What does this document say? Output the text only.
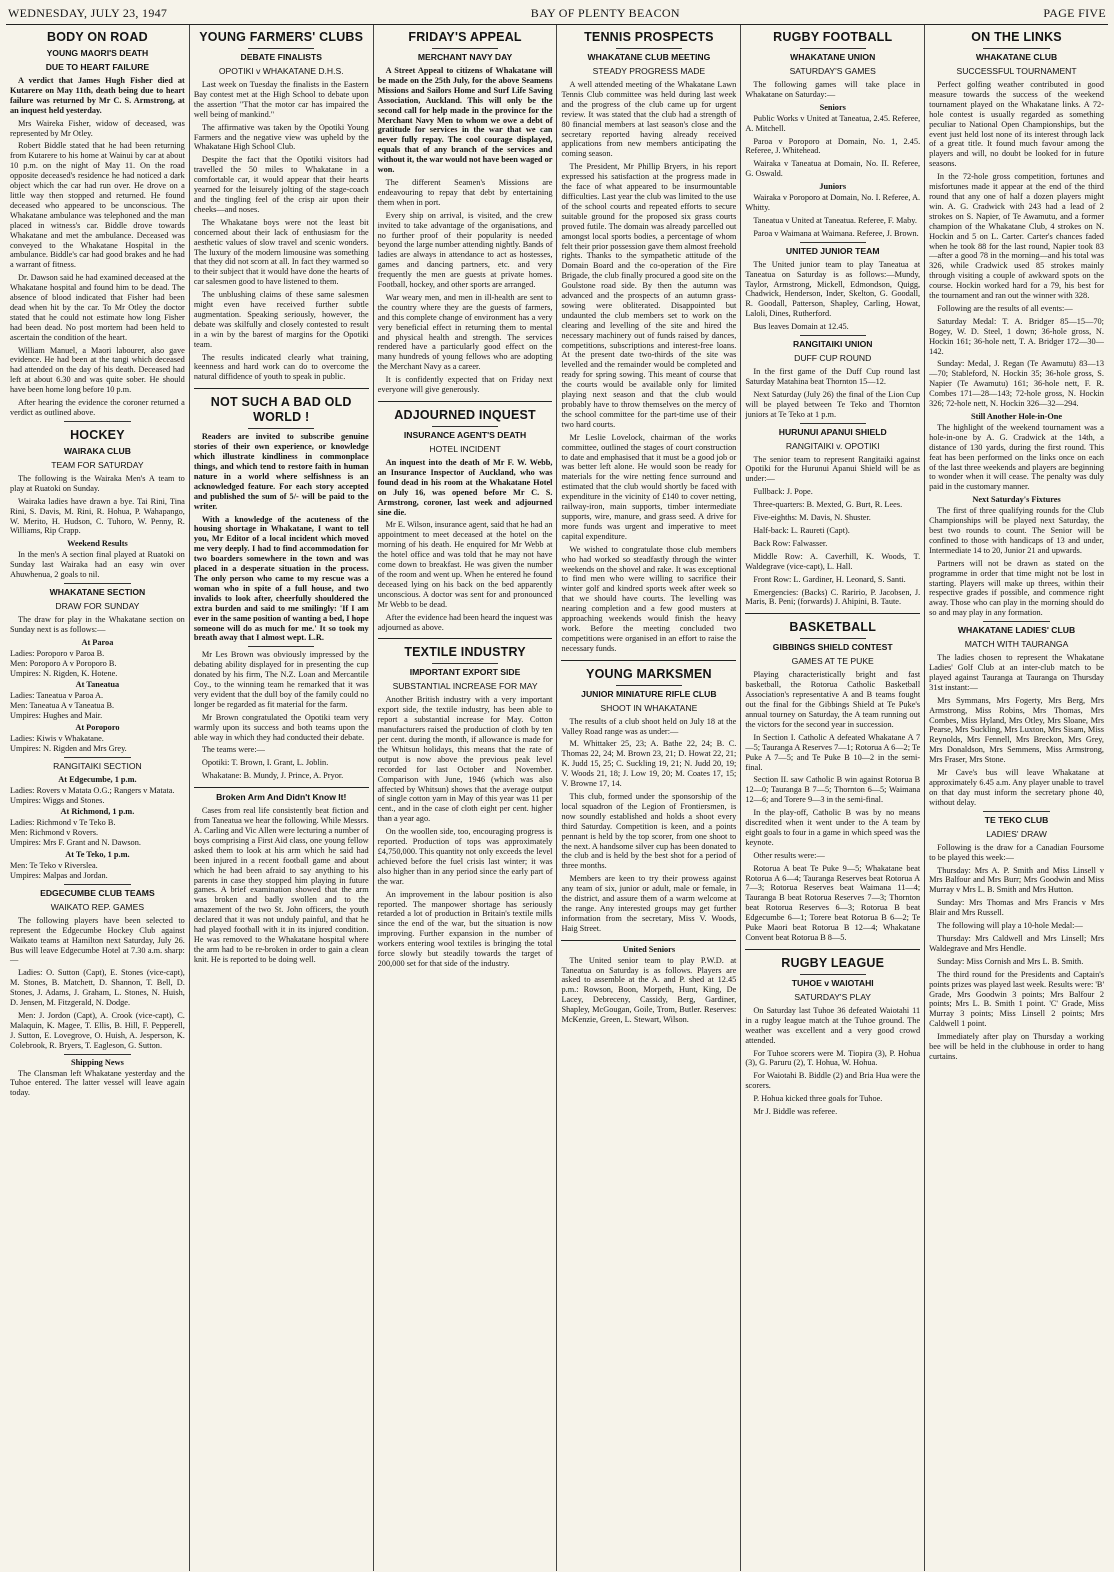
WEDNESDAY, JULY 23, 1947	BAY OF PLENTY BEACON	PAGE FIVE
BODY ON ROAD
YOUNG MAORI'S DEATH
DUE TO HEART FAILURE

A verdict that James Hugh Fisher died at Kutarere on May 11th, death being due to heart failure was returned by Mr C. S. Armstrong, at an inquest held yesterday.

Mrs Waireka Fisher, widow of deceased, was represented by Mr Otley.

Robert Biddle stated that he had been returning from Kutarere to his home at Wainui by car at about 10 p.m. on the night of May 11. On the road opposite deceased's residence he had noticed a dark object which the car had run over. He drove on a little way then stopped and returned. He found deceased who appeared to be unconscious. The Whakatane ambulance was telephoned and the man placed in witness's car. Biddle drove towards Whakatane and met the ambulance. Deceased was conveyed to the Whakatane Hospital in the ambulance. Biddle's car had good brakes and he had a warrant of fitness.

Dr. Dawson said he had examined deceased at the Whakatane hospital and found him to be dead. The absence of blood indicated that Fisher had been dead when hit by the car. To Mr Otley the doctor stated that he could not estimate how long Fisher had been dead. No post mortem had been held to ascertain the condition of the heart.

William Manuel, a Maori labourer, also gave evidence. He had been at the tangi which deceased had attended on the day of his death. Deceased had left at about 6.30 and was quite sober. He should have been home long before 10 p.m.

After hearing the evidence the coroner returned a verdict as outlined above.

HOCKEY
WAIRAKA CLUB
TEAM FOR SATURDAY

The following is the Wairaka Men's A team to play at Ruatoki on Sunday.

Wairaka ladies have drawn a bye. Tai Rini, Tina Rini, S. Davis, M. Rini, R. Hohua, P. Wahapango, W. Merito, H. Hudson, C. Tuhoro, W. Penny, R. Williams, Rip Crapp.

Weekend Results

In the men's A section final played at Ruatoki on Sunday last Wairaka had an easy win over Ahuwhenua, 2 goals to nil.

WHAKATANE SECTION
DRAW FOR SUNDAY

The draw for play in the Whakatane section on Sunday next is as follows:—

At Paroa

Ladies: Poroporo v Paroa B.

Men: Poroporo A v Poroporo B.

Umpires: N. Rigden, K. Hotene.

At Taneatua

Ladies: Taneatua v Paroa A.

Men: Taneatua A v Taneatua B.

Umpires: Hughes and Mair.

At Poroporo

Ladies: Kiwis v Whakatane.

Umpires: N. Rigden and Mrs Grey.

RANGITAIKI SECTION
At Edgecumbe, 1 p.m.

Ladies: Rovers v Matata O.G.; Rangers v Matata.

Umpires: Wiggs and Stones.

At Richmond, 1 p.m.

Ladies: Richmond v Te Teko B.

Men: Richmond v Rovers.

Umpires: Mrs F. Grant and N. Dawson.

At Te Teko, 1 p.m.

Men: Te Teko v Riverslea.

Umpires: Malpas and Jordan.

EDGECUMBE CLUB TEAMS
WAIKATO REP. GAMES

The following players have been selected to represent the Edgecumbe Hockey Club against Waikato teams at Hamilton next Saturday, July 26. Bus will leave Edgecumbe Hotel at 7.30 a.m. sharp:—

Ladies: O. Sutton (Capt), E. Stones (vice-capt), M. Stones, B. Matchett, D. Shannon, T. Bell, D. Stones, J. Adams, J. Graham, L. Stones, N. Huish, D. Jensen, M. Fitzgerald, N. Dodge.

Men: J. Jordon (Capt), A. Crook (vice-capt), C. Malaquin, K. Magee, T. Ellis, B. Hill, F. Pepperell, J. Sutton, E. Lovegrove, O. Huish, A. Jesperson, K. Colebrook, R. Bryers, T. Eagleson, G. Sutton.

Shipping News

The Clansman left Whakatane yesterday and the Tuhoe entered. The latter vessel will leave again today.

YOUNG FARMERS' CLUBS
DEBATE FINALISTS
OPOTIKI v WHAKATANE D.H.S.

Last week on Tuesday the finalists in the Eastern Bay contest met at the High School to debate upon the assertion "That the motor car has impaired the well being of mankind."

The affirmative was taken by the Opotiki Young Farmers and the negative view was upheld by the Whakatane High School Club.

Despite the fact that the Opotiki visitors had travelled the 50 miles to Whakatane in a comfortable car, it would appear that their hearts yearned for the leisurely jolting of the stage-coach and the tingling feel of the crisp air upon their cheeks—and noses.

The Whakatane boys were not the least bit concerned about their lack of enthusiasm for the aesthetic values of slow travel and scenic wonders. The luxury of the modern limousine was something that they did not scorn at all. In fact they warmed so to their subject that it would have done the hearts of car salesmen good to have listened to them.

The unblushing claims of these same salesmen might even have received further subtle augmentation. Speaking seriously, however, the debate was skilfully and closely contested to result in a win by the barest of margins for the Opotiki team.

The results indicated clearly what training, keenness and hard work can do to overcome the natural diffidence of youth to speak in public.

NOT SUCH A BAD OLD WORLD !

Readers are invited to subscribe genuine stories of their own experience, or knowledge which illustrate kindliness in commonplace things, and which tend to restore faith in human nature in a world where selfishness is an acknowledged feature. For each story accepted and published the sum of 5/- will be paid to the writer.

With a knowledge of the acuteness of the housing shortage in Whakatane, I want to tell you, Mr Editor of a local incident which moved me very deeply. I had to find accommodation for two boarders somewhere in the town and was placed in a desperate situation in the process. The only person who came to my rescue was a woman who in spite of a full house, and two invalids to look after, cheerfully shouldered the extra burden and said to me smilingly: 'If I am ever in the same position of wanting a bed, I hope someone will do as much for me.' It so took my breath away that I almost wept. L.R.

Mr Les Brown was obviously impressed by the debating ability displayed for in presenting the cup donated by his firm, The N.Z. Loan and Mercantile Coy., to the winning team he remarked that it was very evident that the dull boy of the family could no longer be regarded as fit material for the farm.

Mr Brown congratulated the Opotiki team very warmly upon its success and both teams upon the able way in which they had conducted their debate.

The teams were:—

Opotiki: T. Brown, I. Grant, L. Joblin.

Whakatane: B. Mundy, J. Prince, A. Pryor.

Broken Arm And Didn't Know It!

Cases from real life consistently beat fiction and from Taneatua we hear the following. While Messrs. A. Carling and Vic Allen were lecturing a number of boys comprising a First Aid class, one young fellow asked them to look at his arm which he said had been injured in a recent football game and about which he had been afraid to say anything to his parents in case they stopped him playing in future games. A brief examination showed that the arm was broken and badly swollen and to the amazement of the two St. John officers, the youth declared that it was not unduly painful, and that he had played football with it in its injured condition. He was removed to the Whakatane hospital where the arm had to be re-broken in order to gain a clean knit. He is reported to be doing well.

FRIDAY'S APPEAL
MERCHANT NAVY DAY

A Street Appeal to citizens of Whakatane will be made on the 25th July, for the above Seamens Missions and Sailors Home and Surf Life Saving Association, Auckland. This will only be the second call for help made in the province for the Merchant Navy Men to whom we owe a debt of gratitude for services in the war that we can never fully repay. The cool courage displayed, equals that of any branch of the services and without it, the war would not have been waged or won.

The different Seamen's Missions are endeavouring to repay that debt by entertaining them when in port.

Every ship on arrival, is visited, and the crew invited to take advantage of the organisations, and no further proof of their popularity is needed beyond the large number attending nightly. Bands of ladies are always in attendance to act as hostesses, games and dancing partners, etc. and very frequently the men are guests at private homes. Football, hockey, and other sports are arranged.

War weary men, and men in ill-health are sent to the country where they are the guests of farmers, and this complete change of environment has a very very beneficial effect in returning them to mental and physical health and strength. The services rendered have a particularly good effect on the many hundreds of young fellows who are adopting the Merchant Navy as a career.

It is confidently expected that on Friday next everyone will give generously.

ADJOURNED INQUEST
INSURANCE AGENT'S DEATH
HOTEL INCIDENT

An inquest into the death of Mr F. W. Webb, an Insurance Inspector of Auckland, who was found dead in his room at the Whakatane Hotel on July 16, was opened before Mr C. S. Armstrong, coroner, last week and adjourned sine die.

Mr E. Wilson, insurance agent, said that he had an appointment to meet deceased at the hotel on the morning of his death. He enquired for Mr Webb at the hotel office and was told that he may not have come down to breakfast. He was given the number of the room and went up. When he entered he found deceased lying on his back on the bed apparently unconscious. A doctor was sent for and pronounced Mr Webb to be dead.

After the evidence had been heard the inquest was adjourned as above.

TEXTILE INDUSTRY
IMPORTANT EXPORT SIDE
SUBSTANTIAL INCREASE FOR MAY

Another British industry with a very important export side, the textile industry, has been able to report a substantial increase for May. Cotton manufacturers raised the production of cloth by ten per cent. during the month, if allowance is made for the Whitsun holidays, this means that the rate of output is now above the previous peak level recorded for last October and November. Comparison with June, 1946 (which was also affected by Whitsun) shows that the average output of single cotton yarn in May of this year was 11 per cent., and in the case of cloth eight per cent. higher than a year ago.

On the woollen side, too, encouraging progress is reported. Production of tops was approximately £4,750,000. This quantity not only exceeds the level achieved before the fuel crisis last winter; it was also higher than in any period since the early part of the war.

An improvement in the labour position is also reported. The manpower shortage has seriously retarded a lot of production in Britain's textile mills since the end of the war, but the situation is now improving. Further expansion in the number of workers entering wool textiles is bringing the total force slowly but steadily towards the target of 200,000 set for that side of the industry.

TENNIS PROSPECTS
WHAKATANE CLUB MEETING
STEADY PROGRESS MADE

A well attended meeting of the Whakatane Lawn Tennis Club committee was held during last week and the progress of the club came up for urgent review. It was stated that the club had a strength of 80 financial members at last season's close and the secretary reported having already received applications from new members anticipating the coming season.

The President, Mr Phillip Bryers, in his report expressed his satisfaction at the progress made in the face of what appeared to be insurmountable difficulties. Last year the club was limited to the use of the school courts and repeated efforts to secure suitable ground for the proposed six grass courts proved futile. The domain was already parcelled out amongst local sports bodies, a percentage of whom felt their prior possession gave them almost freehold rights. Thanks to the sympathetic attitude of the Domain Board and the co-operation of the Fire Brigade, the club finally procured a good site on the Goulstone road side. By then the autumn was advanced and the prospects of an autumn grass-sowing were obliterated. Disappointed but undaunted the club members set to work on the clearing and levelling of the site and hired the necessary machinery out of funds raised by dances, competitions, subscriptions and interest-free loans. At the present date two-thirds of the site was levelled and the remainder would be completed and ready for spring sowing. This meant of course that the courts would be available only for limited playing next season and that the club would probably have to throw themselves on the mercy of the school committee for the part-time use of their two hard courts.

Mr Leslie Lovelock, chairman of the works committee, outlined the stages of court construction to date and emphasised that it must be a good job or was better left alone. He would soon be ready for materials for the wire netting fence surround and estimated that the club would shortly be faced with expenditure in the vicinity of £140 to cover netting, railway-iron, main supports, timber intermediate supports, wire, manure, and grass seed. A drive for more funds was urgent and imperative to meet capital expenditure.

We wished to congratulate those club members who had worked so steadfastly through the winter weekends on the shovel and rake. It was exceptional to find men who were willing to sacrifice their winter golf and kindred sports week after week so that we should have courts. The levelling was nearing completion and a few good musters at approaching weekends would finish the heavy work. Before the meeting concluded two competitions were organised in an effort to raise the necessary funds.

YOUNG MARKSMEN
JUNIOR MINIATURE RIFLE CLUB
SHOOT IN WHAKATANE

The results of a club shoot held on July 18 at the Valley Road range was as under:—

M. Whittaker 25, 23; A. Bathe 22, 24; B. C. Thomas 22, 24; M. Brown 23, 21; D. Howat 22, 21; K. Judd 15, 25; C. Suckling 19, 21; N. Judd 20, 19; V. Woods 21, 18; J. Low 19, 20; M. Coates 17, 15; V. Browne 17, 14.

This club, formed under the sponsorship of the local squadron of the Legion of Frontiersmen, is now soundly established and holds a shoot every third Saturday. Competition is keen, and a points pennant is held by the top scorer, from one shoot to the next. A handsome silver cup has been donated to the club and is held by the best shot for a period of three months.

Members are keen to try their prowess against any team of six, junior or adult, male or female, in the district, and assure them of a warm welcome at the range. Any interested groups may get further information from the secretary, Miss V. Woods, Haig Street.

United Seniors

The United senior team to play P.W.D. at Taneatua on Saturday is as follows. Players are asked to assemble at the A. and P. shed at 12.45 p.m.: Rowson, Boon, Morpeth, Hunt, King, De Lacey, Debreceny, Cassidy, Berg, Gardiner, Shapley, McGougan, Goile, Trom, Butler. Reserves: McKenzie, Green, L. Stewart, Wilson.

RUGBY FOOTBALL
WHAKATANE UNION
SATURDAY'S GAMES

The following games will take place in Whakatane on Saturday:—

Seniors

Public Works v United at Taneatua, 2.45. Referee, A. Mitchell.

Paroa v Poroporo at Domain, No. 1, 2.45. Referee, J. Whitehead.

Wairaka v Taneatua at Domain, No. II. Referee, G. Oswald.

Juniors

Wairaka v Poroporo at Domain, No. I. Referee, A. Whitty.

Taneatua v United at Taneatua. Referee, F. Maby.

Paroa v Waimana at Waimana. Referee, J. Brown.

UNITED JUNIOR TEAM

The United junior team to play Taneatua at Taneatua on Saturday is as follows:—Mundy, Taylor, Armstrong, Mickell, Edmondson, Quigg, Chadwick, Henderson, Inder, Skelton, G. Goodall, R. Goodall, Patterson, Shapley, Carling, Howat, Laloli, Dines, Rutherford.

Bus leaves Domain at 12.45.

RANGITAIKI UNION
DUFF CUP ROUND

In the first game of the Duff Cup round last Saturday Matahina beat Thornton 15—12.

Next Saturday (July 26) the final of the Lion Cup will be played between Te Teko and Thornton juniors at Te Teko at 1 p.m.

HURUNUI APANUI SHIELD
RANGITAIKI v. OPOTIKI

The senior team to represent Rangitaiki against Opotiki for the Hurunui Apanui Shield will be as under:—

Fullback: J. Pope.

Three-quarters: B. Mexted, G. Burt, R. Lees.

Five-eighths: M. Davis, N. Shuster.

Half-back: L. Raureti (Capt).

Back Row: Falwasser.

Middle Row: A. Caverhill, K. Woods, T. Waldegrave (vice-capt), L. Hall.

Front Row: L. Gardiner, H. Leonard, S. Santi.

Emergencies: (Backs) C. Raririo, P. Jacobsen, J. Maris, B. Peni; (forwards) J. Ahipini, B. Taute.

BASKETBALL
GIBBINGS SHIELD CONTEST
GAMES AT TE PUKE

Playing characteristically bright and fast basketball, the Rotorua Catholic Basketball Association's representative A and B teams fought out the final for the Gibbings Shield at Te Puke's annual tourney on Saturday, the A team running out the victors for the second year in succession.

In Section I. Catholic A defeated Whakatane A 7—5; Tauranga A Reserves 7—1; Rotorua A 6—2; Te Puke A 7—5; and Te Puke B 10—2 in the semi-final.

Section II. saw Catholic B win against Rotorua B 12—0; Tauranga B 7—5; Thornton 6—5; Waimana 12—6; and Torere 9—3 in the semi-final.

In the play-off, Catholic B was by no means discredited when it went under to the A team by eight goals to four in a game in which speed was the keynote.

Other results were:—

Rotorua A beat Te Puke 9—5; Whakatane beat Rotorua A 6—4; Tauranga Reserves beat Rotorua A 7—3; Rotorua Reserves beat Waimana 11—4; Tauranga B beat Rotorua Reserves 7—3; Thornton beat Rotorua Reserves 6—3; Rotorua B beat Edgecumbe 6—1; Torere beat Rotorua B 6—2; Te Puke Maori beat Rotorua B 12—4; Whakatane Convent beat Rotorua B 8—5.

RUGBY LEAGUE
TUHOE v WAIOTAHI
SATURDAY'S PLAY

On Saturday last Tuhoe 36 defeated Waiotahi 11 in a rugby league match at the Tuhoe ground. The weather was excellent and a very good crowd attended.

For Tuhoe scorers were M. Tiopira (3), P. Hohua (3), G. Paruru (2), T. Hohua, W. Hohua.

For Waiotahi B. Biddle (2) and Bria Hua were the scorers.

P. Hohua kicked three goals for Tuhoe.

Mr J. Biddle was referee.

ON THE LINKS
WHAKATANE CLUB
SUCCESSFUL TOURNAMENT

Perfect golfing weather contributed in good measure towards the success of the weekend tournament played on the Whakatane links. A 72-hole contest is usually regarded as something peculiar to National Open Championships, but the event just held lost none of its interest through lack of a great title. It found much favour among the players and will, no doubt be looked for in future seasons.

In the 72-hole gross competition, fortunes and misfortunes made it appear at the end of the third round that any one of half a dozen players might win. A. G. Cradwick with 243 had a lead of 2 strokes on S. Napier, of Te Awamutu, and a former champion of the Whakatane Club, 4 strokes on N. Hockin and 5 on L. Carter. Carter's chances faded when he took 88 for the last round, Napier took 83—after a good 78 in the morning—and his total was 326, while Cradwick used 85 strokes mainly through visiting a couple of awkward spots on the course. Hockin worked hard for a 79, his best for the tournament and ran out the winner with 328.

Following are the results of all events:—

Saturday Medal: T. A. Bridger 85—15—70; Bogey, W. D. Steel, 1 down; 36-hole gross, N. Hockin 161; 36-hole nett, T. A. Bridger 172—30—142.

Sunday: Medal, J. Regan (Te Awamutu) 83—13—70; Stableford, N. Hockin 35; 36-hole gross, S. Napier (Te Awamutu) 161; 36-hole nett, F. R. Combes 171—28—143; 72-hole gross, N. Hockin 326; 72-hole nett, N. Hockin 326—32—294.

Still Another Hole-in-One

The highlight of the weekend tournament was a hole-in-one by A. G. Cradwick at the 14th, a distance of 130 yards, during the first round. This feat has been performed on the links once on each of the last three weekends and players are beginning to wonder when it will cease. The penalty was duly paid in the customary manner.

Next Saturday's Fixtures

The first of three qualifying rounds for the Club Championships will be played next Saturday, the best two rounds to count. The Senior will be confined to those with handicaps of 13 and under, Intermediate 14 to 20, Junior 21 and upwards.

Partners will not be drawn as stated on the programme in order that time might not be lost in starting. Players will make up threes, within their respective grades if possible, and commence right away. Those who can play in the morning should do so and may play in any formation.

WHAKATANE LADIES' CLUB
MATCH WITH TAURANGA

The ladies chosen to represent the Whakatane Ladies' Golf Club at an inter-club match to be played against Tauranga at Tauranga on Thursday 31st instant:—

Mrs Symmans, Mrs Fogerty, Mrs Berg, Mrs Armstrong, Miss Robins, Mrs Thomas, Mrs Combes, Miss Hyland, Mrs Otley, Mrs Sloane, Mrs Pearse, Mrs Suckling, Mrs Luxton, Mrs Sisam, Miss Reynolds, Mrs Fennell, Mrs Breckon, Mrs Grey, Mrs Donaldson, Mrs Semmens, Miss Armstrong, Mrs Fraser, Mrs Stone.

Mr Cave's bus will leave Whakatane at approximately 6.45 a.m. Any player unable to travel on that day must inform the secretary phone 40, without delay.

TE TEKO CLUB
LADIES' DRAW

Following is the draw for a Canadian Foursome to be played this week:—

Thursday: Mrs A. P. Smith and Miss Linsell v Mrs Balfour and Mrs Burr; Mrs Goodwin and Miss Murray v Mrs L. B. Smith and Mrs Hutton.

Sunday: Mrs Thomas and Mrs Francis v Mrs Blair and Mrs Russell.

The following will play a 10-hole Medal:—

Thursday: Mrs Caldwell and Mrs Linsell; Mrs Waldegrave and Mrs Hendle.

Sunday: Miss Cornish and Mrs L. B. Smith.

The third round for the Presidents and Captain's points prizes was played last week. Results were: 'B' Grade, Mrs Goodwin 3 points; Mrs Balfour 2 points; Mrs L. B. Smith 1 point. 'C' Grade, Miss Murray 3 points; Miss Linsell 2 points; Mrs Caldwell 1 point.

Immediately after play on Thursday a working bee will be held in the clubhouse in order to hang curtains.
